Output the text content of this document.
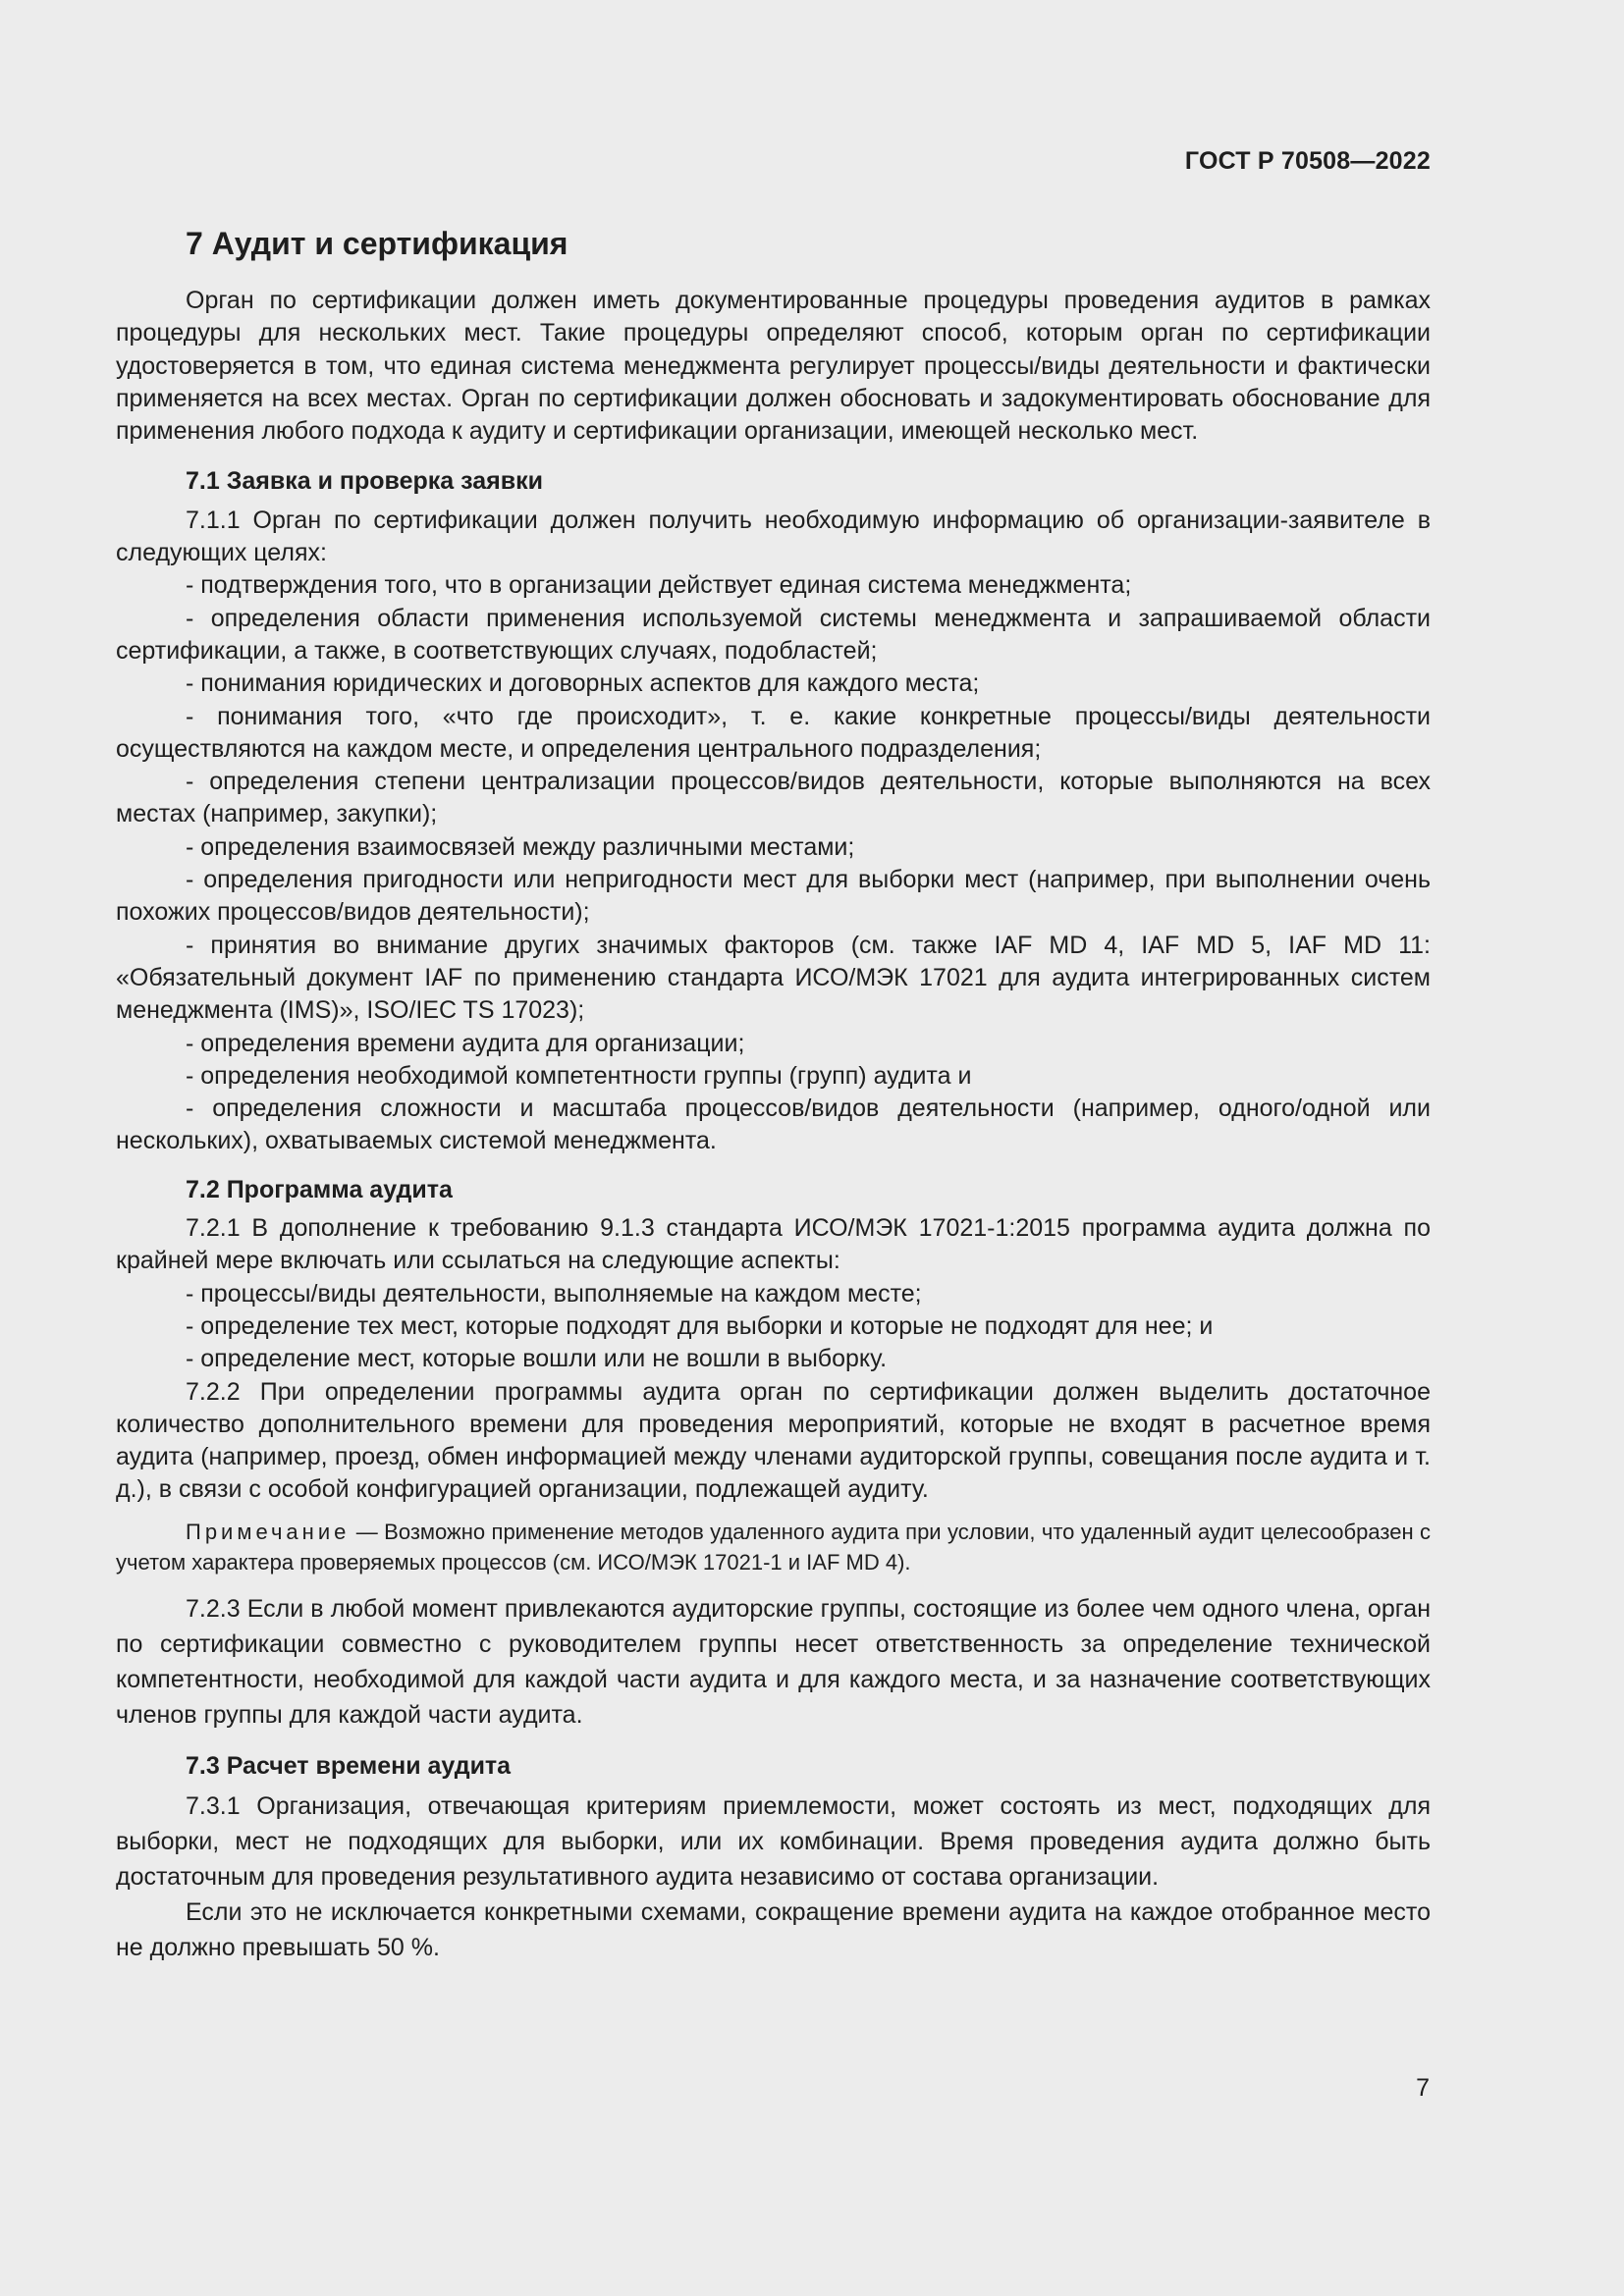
ГОСТ Р 70508—2022
7 Аудит и сертификация

Орган по сертификации должен иметь документированные процедуры проведения аудитов в рамках процедуры для нескольких мест. Такие процедуры определяют способ, которым орган по сертификации удостоверяется в том, что единая система менеджмента регулирует процессы/виды деятельности и фактически применяется на всех местах. Орган по сертификации должен обосновать и задокументировать обоснование для применения любого подхода к аудиту и сертификации организации, имеющей несколько мест.

7.1 Заявка и проверка заявки

7.1.1 Орган по сертификации должен получить необходимую информацию об организации-заявителе в следующих целях:

- подтверждения того, что в организации действует единая система менеджмента;

- определения области применения используемой системы менеджмента и запрашиваемой области сертификации, а также, в соответствующих случаях, подобластей;

- понимания юридических и договорных аспектов для каждого места;

- понимания того, «что где происходит», т. е. какие конкретные процессы/виды деятельности осуществляются на каждом месте, и определения центрального подразделения;

- определения степени централизации процессов/видов деятельности, которые выполняются на всех местах (например, закупки);

- определения взаимосвязей между различными местами;

- определения пригодности или непригодности мест для выборки мест (например, при выполнении очень похожих процессов/видов деятельности);

- принятия во внимание других значимых факторов (см. также IAF MD 4, IAF MD 5, IAF MD 11: «Обязательный документ IAF по применению стандарта ИСО/МЭК 17021 для аудита интегрированных систем менеджмента (IMS)», ISO/IEC TS 17023);

- определения времени аудита для организации;

- определения необходимой компетентности группы (групп) аудита и

- определения сложности и масштаба процессов/видов деятельности (например, одного/одной или нескольких), охватываемых системой менеджмента.

7.2 Программа аудита

7.2.1 В дополнение к требованию 9.1.3 стандарта ИСО/МЭК 17021-1:2015 программа аудита должна по крайней мере включать или ссылаться на следующие аспекты:

- процессы/виды деятельности, выполняемые на каждом месте;

- определение тех мест, которые подходят для выборки и которые не подходят для нее; и

- определение мест, которые вошли или не вошли в выборку.

7.2.2 При определении программы аудита орган по сертификации должен выделить достаточное количество дополнительного времени для проведения мероприятий, которые не входят в расчетное время аудита (например, проезд, обмен информацией между членами аудиторской группы, совещания после аудита и т. д.), в связи с особой конфигурацией организации, подлежащей аудиту.

Примечание — Возможно применение методов удаленного аудита при условии, что удаленный аудит целесообразен с учетом характера проверяемых процессов (см. ИСО/МЭК 17021-1 и IAF MD 4).

7.2.3 Если в любой момент привлекаются аудиторские группы, состоящие из более чем одного члена, орган по сертификации совместно с руководителем группы несет ответственность за определение технической компетентности, необходимой для каждой части аудита и для каждого места, и за назначение соответствующих членов группы для каждой части аудита.

7.3 Расчет времени аудита

7.3.1 Организация, отвечающая критериям приемлемости, может состоять из мест, подходящих для выборки, мест не подходящих для выборки, или их комбинации. Время проведения аудита должно быть достаточным для проведения результативного аудита независимо от состава организации.

Если это не исключается конкретными схемами, сокращение времени аудита на каждое отобранное место не должно превышать 50 %.

7
